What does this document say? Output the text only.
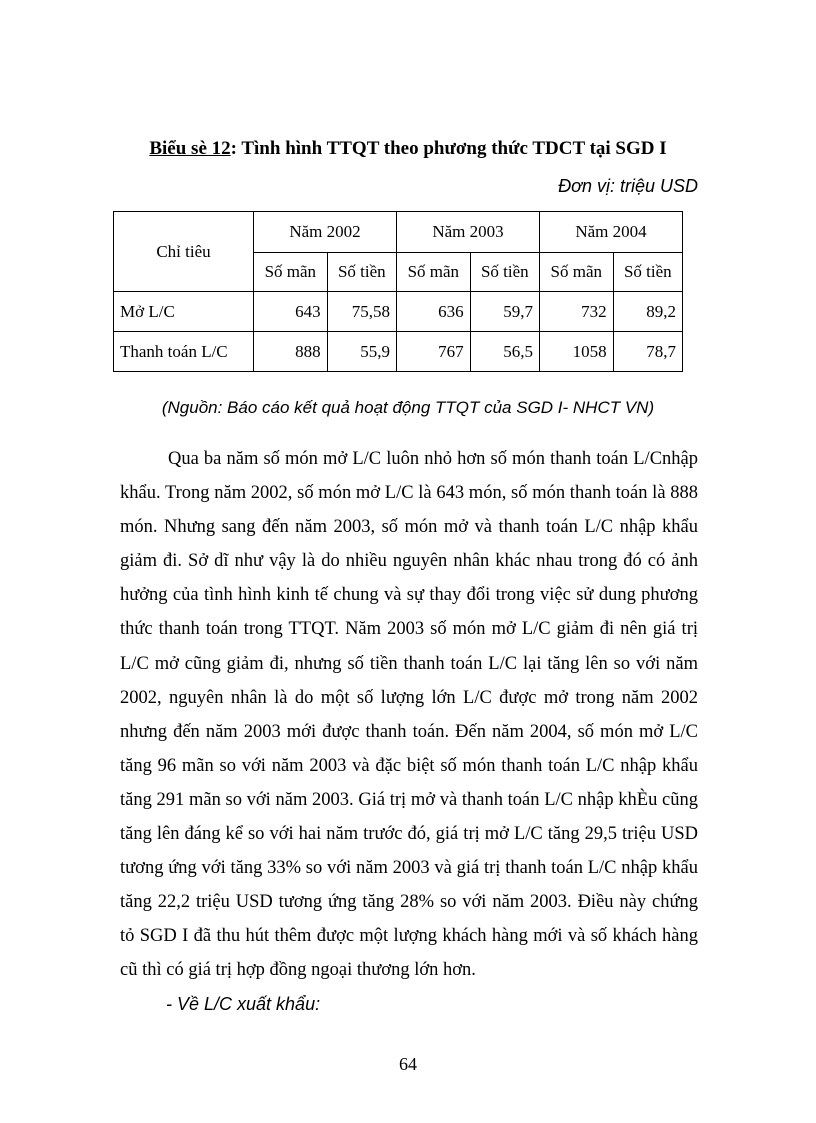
Biểu sè 12: Tình hình TTQT theo phương thức TDCT tại SGD I
Đơn vị: triệu USD
Chỉ tiêu	Năm 2002		Năm 2003		Năm 2004	
	Số mãn	Số tiền	Số mãn	Số tiền	Số mãn	Số tiền
Mở L/C	643	75,58	636	59,7	732	89,2
Thanh toán L/C	888	55,9	767	56,5	1058	78,7
(Nguồn: Báo cáo kết quả hoạt động TTQT của SGD I- NHCT VN)

Qua ba năm số món mở L/C luôn nhỏ hơn số món thanh toán L/Cnhập khẩu. Trong năm 2002, số món mở L/C là 643 món, số món thanh toán là 888 món. Nhưng sang đến năm 2003, số món mở và thanh toán L/C nhập khẩu giảm đi. Sở dĩ như vậy là do nhiều nguyên nhân khác nhau trong đó có ảnh hưởng của tình hình kinh tế chung và sự thay đổi trong việc sử dung phương thức thanh toán trong TTQT. Năm 2003 số món mở L/C giảm đi nên giá trị L/C mở cũng giảm đi, nhưng số tiền thanh toán L/C lại tăng lên so với năm 2002, nguyên nhân là do một số lượng lớn L/C được mở trong năm 2002 nhưng đến năm 2003 mới được thanh toán. Đến năm 2004, số món mở L/C tăng 96 mãn so với năm 2003 và đặc biệt số món thanh toán L/C nhập khẩu tăng 291 mãn so với năm 2003. Giá trị mở và thanh toán L/C nhập khÈu cũng tăng lên đáng kể so với hai năm trước đó, giá trị mở L/C tăng 29,5 triệu USD tương ứng với tăng 33% so với năm 2003 và giá trị thanh toán L/C nhập khẩu tăng 22,2 triệu USD tương ứng tăng 28% so với năm 2003. Điều này chứng tỏ SGD I đã thu hút thêm được một lượng khách hàng mới và số khách hàng cũ thì có giá trị hợp đồng ngoại thương lớn hơn.

- Về L/C xuất khẩu:
64
